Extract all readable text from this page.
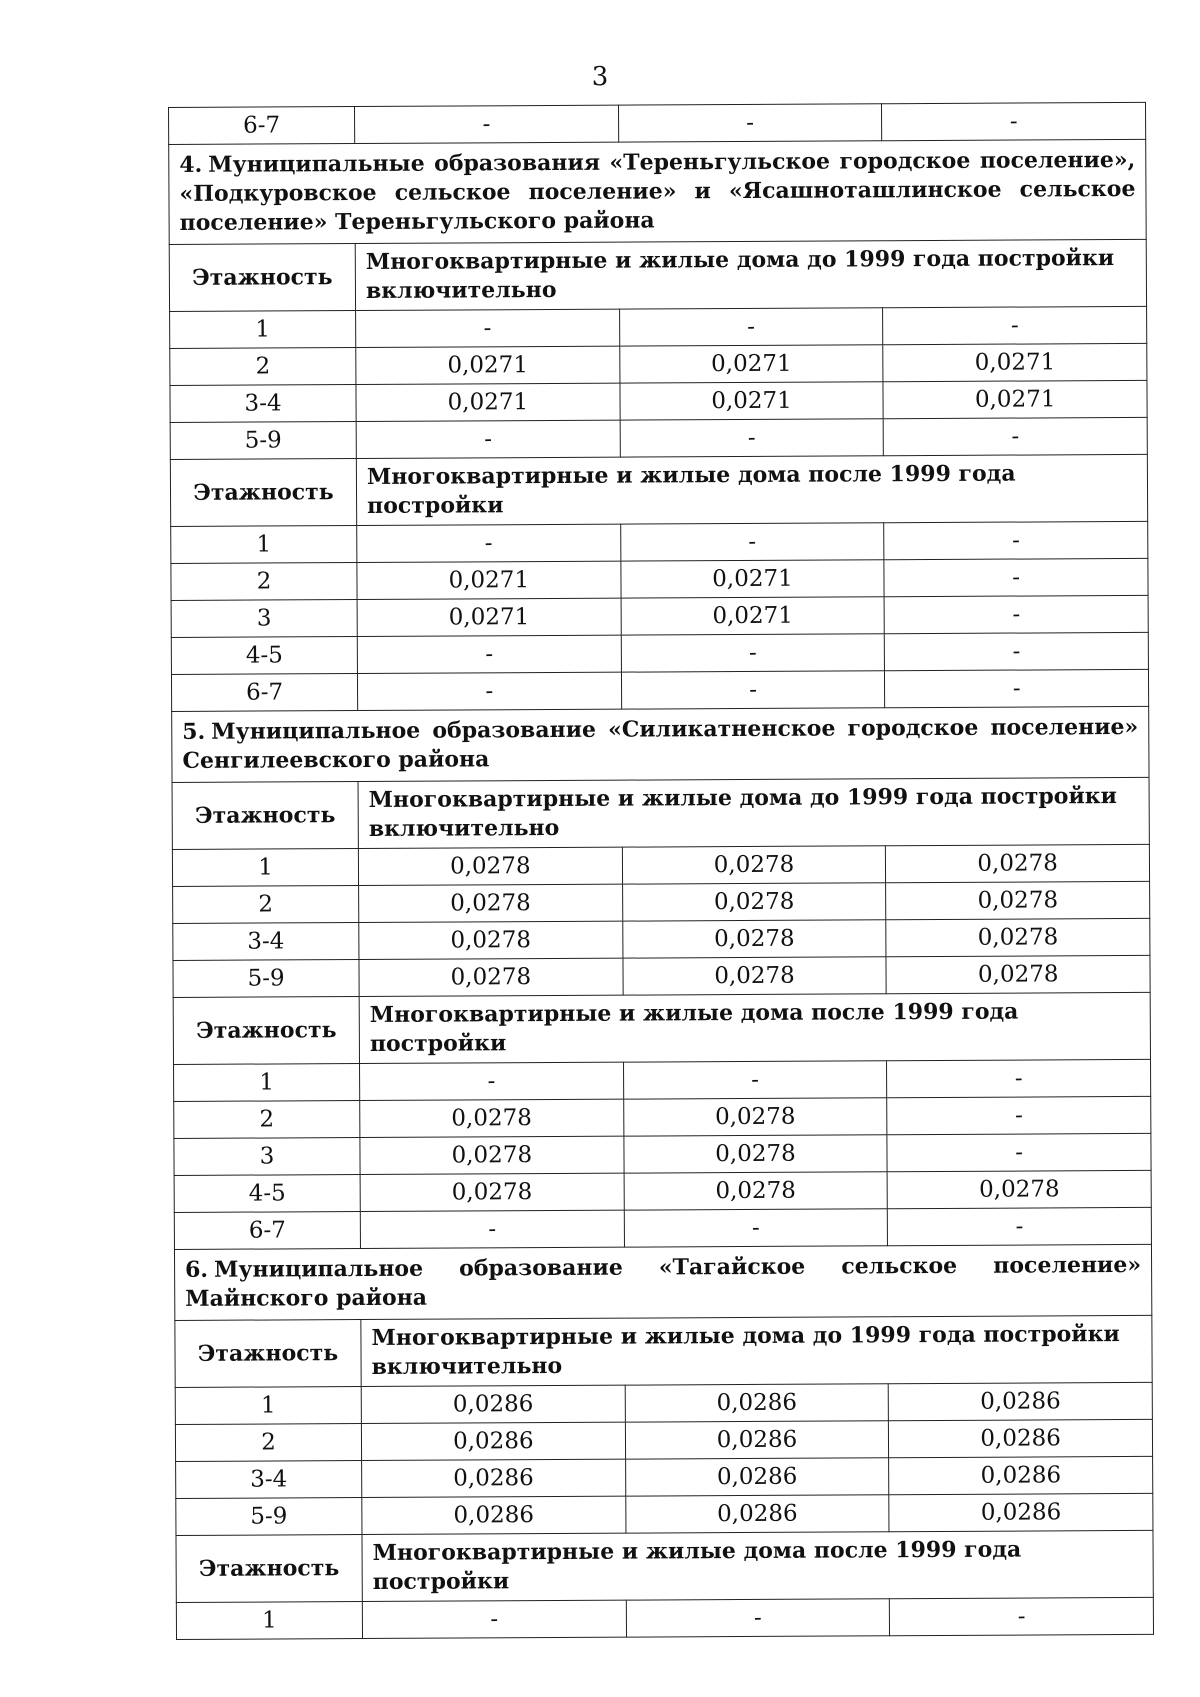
3
6-7	-	-	-
4. Муниципальные образования «Тереньгульское городское поселение», «Подкуровское сельское поселение» и «Ясашноташлинское сельское поселение» Тереньгульского района			
Этажность	Многоквартирные и жилые дома до 1999 года постройки включительно		
1	-	-	-
2	0,0271	0,0271	0,0271
3-4	0,0271	0,0271	0,0271
5-9	-	-	-
Этажность	Многоквартирные и жилые дома после 1999 года постройки		
1	-	-	-
2	0,0271	0,0271	-
3	0,0271	0,0271	-
4-5	-	-	-
6-7	-	-	-
5. Муниципальное образование «Силикатненское городское поселение» Сенгилеевского района			
Этажность	Многоквартирные и жилые дома до 1999 года постройки включительно		
1	0,0278	0,0278	0,0278
2	0,0278	0,0278	0,0278
3-4	0,0278	0,0278	0,0278
5-9	0,0278	0,0278	0,0278
Этажность	Многоквартирные и жилые дома после 1999 года постройки		
1	-	-	-
2	0,0278	0,0278	-
3	0,0278	0,0278	-
4-5	0,0278	0,0278	0,0278
6-7	-	-	-
6. Муниципальное образование «Тагайское сельское поселение» Майнского района			
Этажность	Многоквартирные и жилые дома до 1999 года постройки включительно		
1	0,0286	0,0286	0,0286
2	0,0286	0,0286	0,0286
3-4	0,0286	0,0286	0,0286
5-9	0,0286	0,0286	0,0286
Этажность	Многоквартирные и жилые дома после 1999 года постройки		
1	-	-	-
